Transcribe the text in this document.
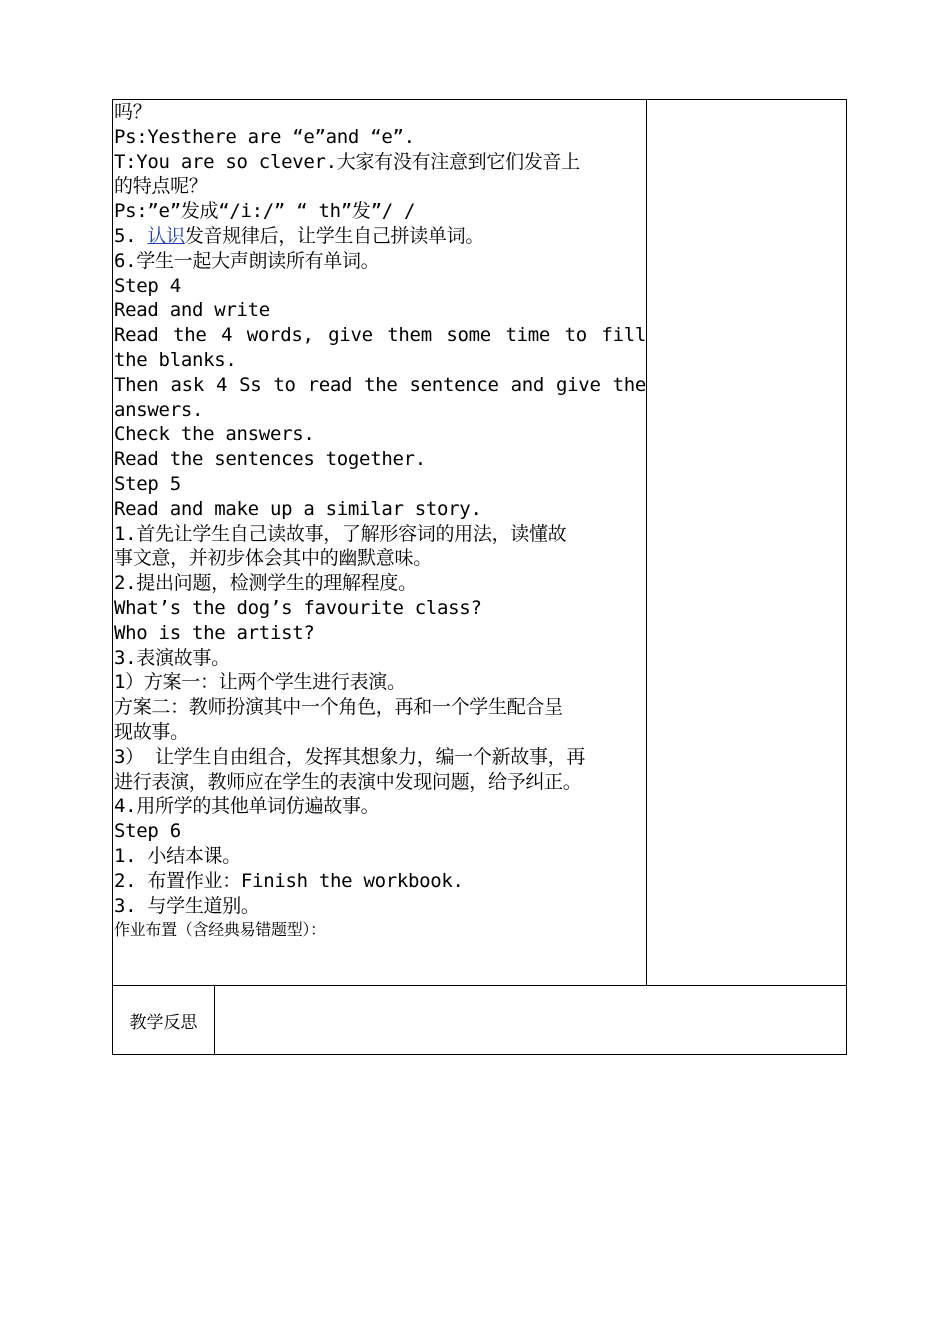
吗？
Ps:Yesthere are “e”and “e”.
T:You are so clever.大家有没有注意到它们发音上
的特点呢？
Ps:”e”发成“/i:/” “ th”发”/ /
5. 认识发音规律后，让学生自己拼读单词。
6.学生一起大声朗读所有单词。
Step 4
Read and write
Read the 4 words, give them some time to fill
the blanks.
Then ask 4 Ss to read the sentence and give the
answers.
Check the answers.
Read the sentences together.
Step 5
Read and make up a similar story.
1.首先让学生自己读故事，了解形容词的用法，读懂故
事文意，并初步体会其中的幽默意味。
2.提出问题，检测学生的理解程度。
What’s the dog’s favourite class?
Who is the artist?
3.表演故事。
1）方案一：让两个学生进行表演。
方案二：教师扮演其中一个角色，再和一个学生配合呈
现故事。
3） 让学生自由组合，发挥其想象力，编一个新故事，再
进行表演，教师应在学生的表演中发现问题，给予纠正。
4.用所学的其他单词仿遍故事。
Step 6
1. 小结本课。
2. 布置作业：Finish the workbook.
3. 与学生道别。
作业布置（含经典易错题型）：
教学反思
